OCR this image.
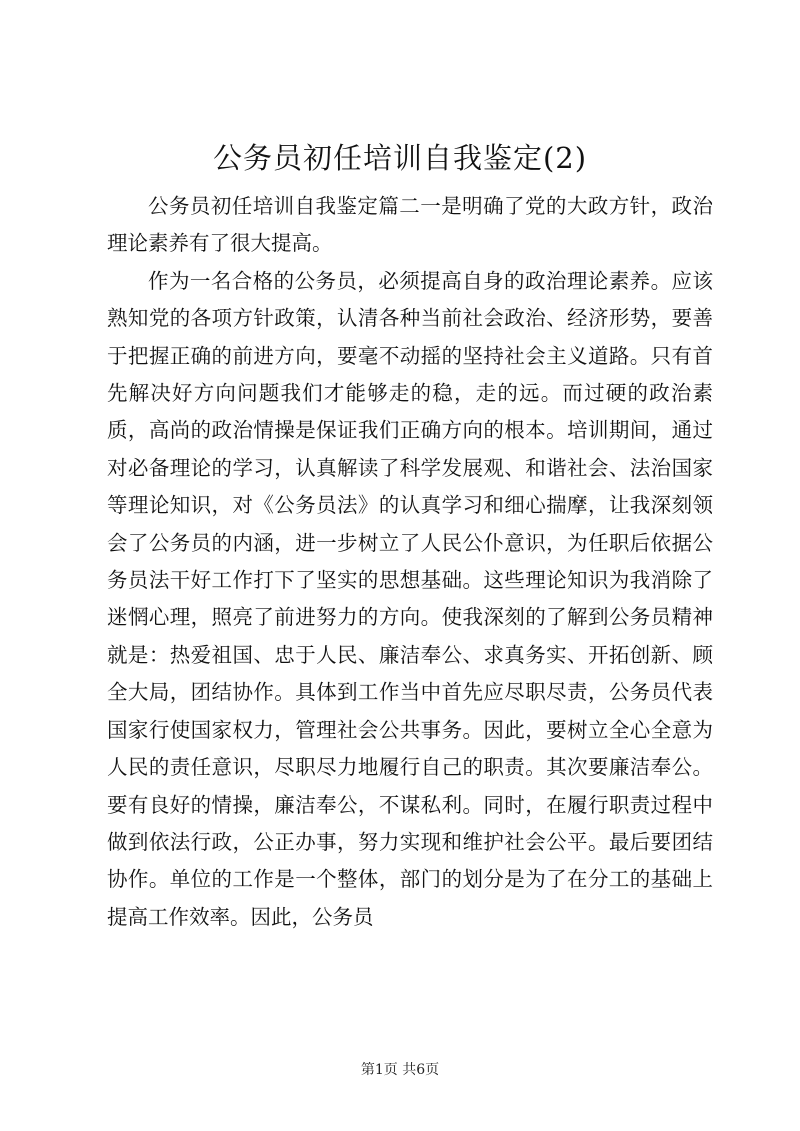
公务员初任培训自我鉴定(2)

公务员初任培训自我鉴定篇二一是明确了党的大政方针，政治理论素养有了很大提高。

作为一名合格的公务员，必须提高自身的政治理论素养。应该熟知党的各项方针政策，认清各种当前社会政治、经济形势，要善于把握正确的前进方向，要毫不动摇的坚持社会主义道路。只有首先解决好方向问题我们才能够走的稳，走的远。而过硬的政治素质，高尚的政治情操是保证我们正确方向的根本。培训期间，通过对必备理论的学习，认真解读了科学发展观、和谐社会、法治国家等理论知识，对《公务员法》的认真学习和细心揣摩，让我深刻领会了公务员的内涵，进一步树立了人民公仆意识，为任职后依据公务员法干好工作打下了坚实的思想基础。这些理论知识为我消除了迷惘心理，照亮了前进努力的方向。使我深刻的了解到公务员精神就是：热爱祖国、忠于人民、廉洁奉公、求真务实、开拓创新、顾全大局，团结协作。具体到工作当中首先应尽职尽责，公务员代表国家行使国家权力，管理社会公共事务。因此，要树立全心全意为人民的责任意识，尽职尽力地履行自己的职责。其次要廉洁奉公。要有良好的情操，廉洁奉公，不谋私利。同时，在履行职责过程中做到依法行政，公正办事，努力实现和维护社会公平。最后要团结协作。单位的工作是一个整体，部门的划分是为了在分工的基础上提高工作效率。因此，公务员

第1页 共6页
